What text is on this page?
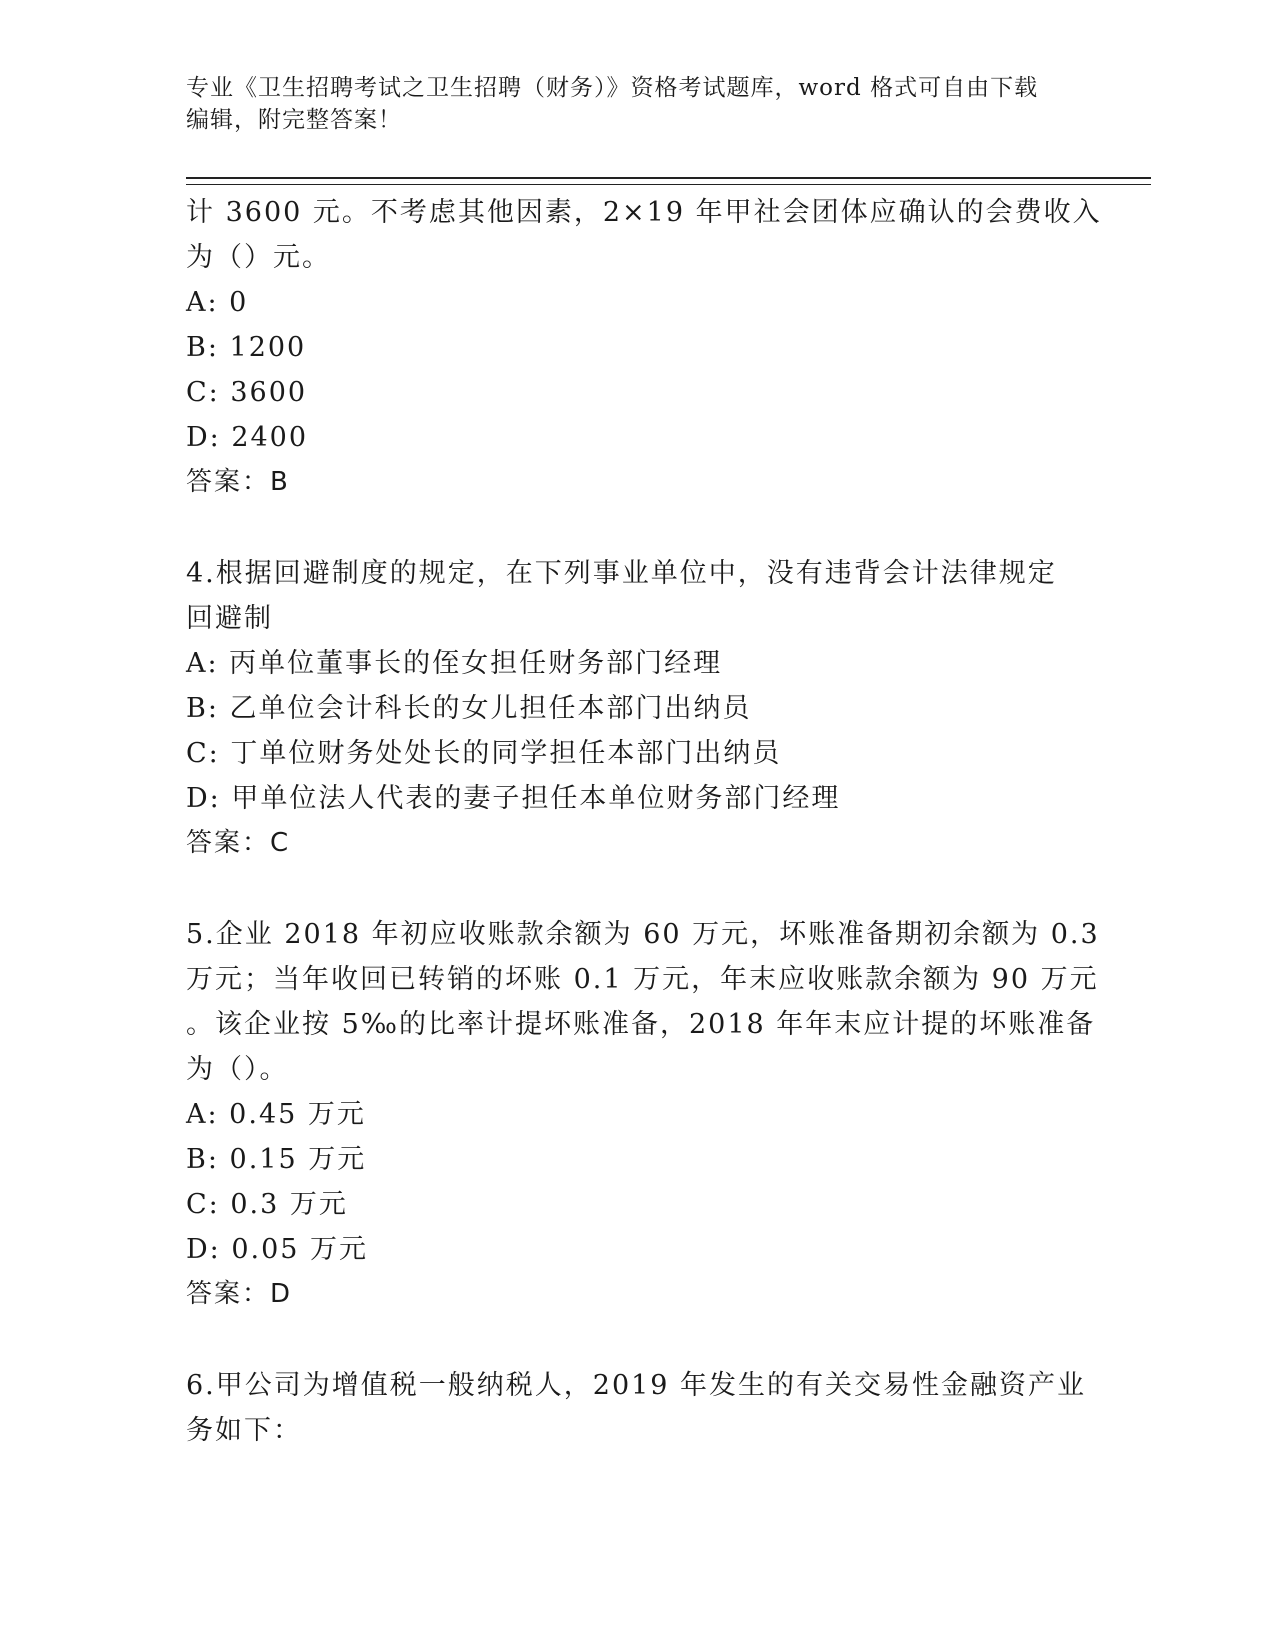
专业《卫生招聘考试之卫生招聘（财务）》资格考试题库，word 格式可自由下载
编辑，附完整答案！
计 3600 元。不考虑其他因素，2×19 年甲社会团体应确认的会费收入
为（）元。
A: 0
B: 1200
C: 3600
D: 2400
答案：B
4.根据回避制度的规定，在下列事业单位中，没有违背会计法律规定
回避制
A: 丙单位董事长的侄女担任财务部门经理
B: 乙单位会计科长的女儿担任本部门出纳员
C: 丁单位财务处处长的同学担任本部门出纳员
D: 甲单位法人代表的妻子担任本单位财务部门经理
答案：C
5.企业 2018 年初应收账款余额为 60 万元，坏账准备期初余额为 0.3
万元；当年收回已转销的坏账 0.1 万元，年末应收账款余额为 90 万元
。该企业按 5‰的比率计提坏账准备，2018 年年末应计提的坏账准备
为（）。
A: 0.45 万元
B: 0.15 万元
C: 0.3 万元
D: 0.05 万元
答案：D
6.甲公司为增值税一般纳税人，2019 年发生的有关交易性金融资产业
务如下：
